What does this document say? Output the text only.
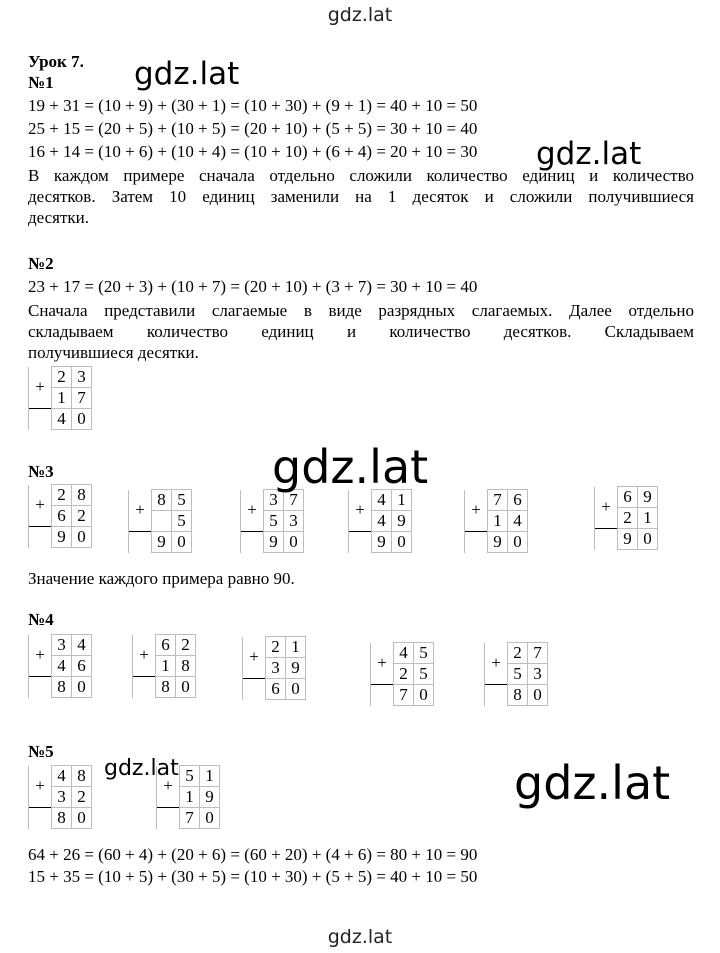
gdz.lat
gdz.lat
Урок 7.
№1
19 + 31 = (10 + 9) + (30 + 1) = (10 + 30) + (9 + 1) = 40 + 10 = 50
25 + 15 = (20 + 5) + (10 + 5) = (20 + 10) + (5 + 5) = 30 + 10 = 40
16 + 14 = (10 + 6) + (10 + 4) = (10 + 10) + (6 + 4) = 20 + 10 = 30
В каждом примере сначала отдельно сложили количество единиц и количество
десятков. Затем 10 единиц заменили на 1 десяток и сложили получившиеся
десятки.
№2
23 + 17 = (20 + 3) + (10 + 7) = (20 + 10) + (3 + 7) = 30 + 10 = 40
Сначала представили слагаемые в виде разрядных слагаемых. Далее отдельно
складываем количество единиц и количество десятков. Складываем
получившиеся десятки.
+	2	3
	1	7
	4	0
№3
+	2	8
	6	2
	9	0
+	8	5
		5
	9	0
+	3	7
	5	3
	9	0
+	4	1
	4	9
	9	0
+	7	6
	1	4
	9	0
+	6	9
	2	1
	9	0
Значение каждого примера равно 90.
№4
+	3	4
	4	6
	8	0
+	6	2
	1	8
	8	0
+	2	1
	3	9
	6	0
+	4	5
	2	5
	7	0
+	2	7
	5	3
	8	0
№5
+	4	8
	3	2
	8	0
+	5	1
	1	9
	7	0
64 + 26 = (60 + 4) + (20 + 6) = (60 + 20) + (4 + 6) = 80 + 10 = 90
15 + 35 = (10 + 5) + (30 + 5) = (10 + 30) + (5 + 5) = 40 + 10 = 50
gdz.lat
gdz.lat
gdz.lat
gdz.lat	gdz.lat
